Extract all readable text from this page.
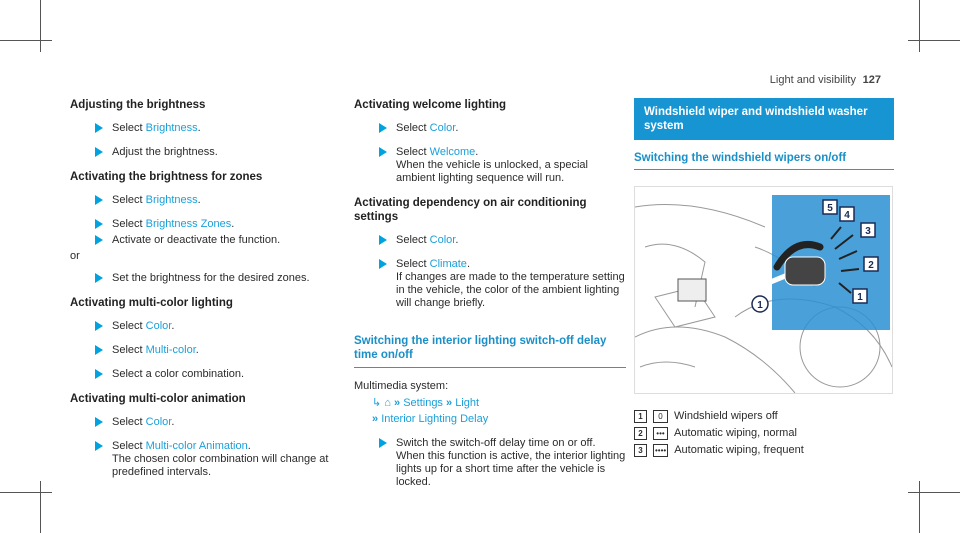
Light and visibility 127
Adjusting the brightness
Select Brightness.
Adjust the brightness.
Activating the brightness for zones
Select Brightness.
Select Brightness Zones.
Activate or deactivate the function.
or
Set the brightness for the desired zones.
Activating multi-color lighting
Select Color.
Select Multi-color.
Select a color combination.
Activating multi-color animation
Select Color.
Select Multi-color Animation.
The chosen color combination will change at predefined intervals.
Activating welcome lighting
Select Color.
Select Welcome.
When the vehicle is unlocked, a special ambient lighting sequence will run.
Activating dependency on air conditioning settings
Select Color.
Select Climate.
If changes are made to the temperature setting in the vehicle, the color of the ambient lighting will change briefly.
Switching the interior lighting switch-off delay time on/off
Multimedia system:
↳ ⌂ » Settings » Light
» Interior Lighting Delay
Switch the switch-off delay time on or off.
When this function is active, the interior lighting lights up for a short time after the vehicle is locked.
Windshield wiper and windshield washer system
Switching the windshield wipers on/off
5
4
3
2
1
1
1	0	Windshield wipers off
2	••• Automatic wiping, normal
3	•••• Automatic wiping, frequent
